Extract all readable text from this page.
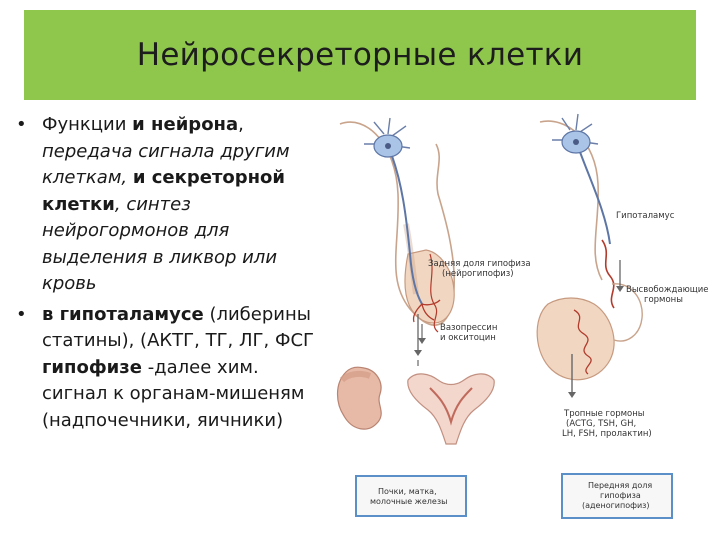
Нейросекреторные клетки
• Функции и нейрона,
передача сигнала другим
клеткам, и секреторной
клетки, синтез
нейрогормонов для
выделения в ликвор или
кровь
• в гипоталамусе (либерины
статины), (АКТГ, ТГ, ЛГ, ФСГ
гипофизе -далее хим.
сигнал к органам-мишеням
(надпочечники, яичники)
Задняя доля гипофиза
(нейрогипофиз)
Вазопрессин
и окситоцин
Гипоталамус
Высвобождающие
гормоны
Тропные гормоны
(ACTG, TSH, GH,
LH, FSH, пролактин)
Почки, матка,
молочные железы
Передняя доля
гипофиза
(аденогипофиз)
